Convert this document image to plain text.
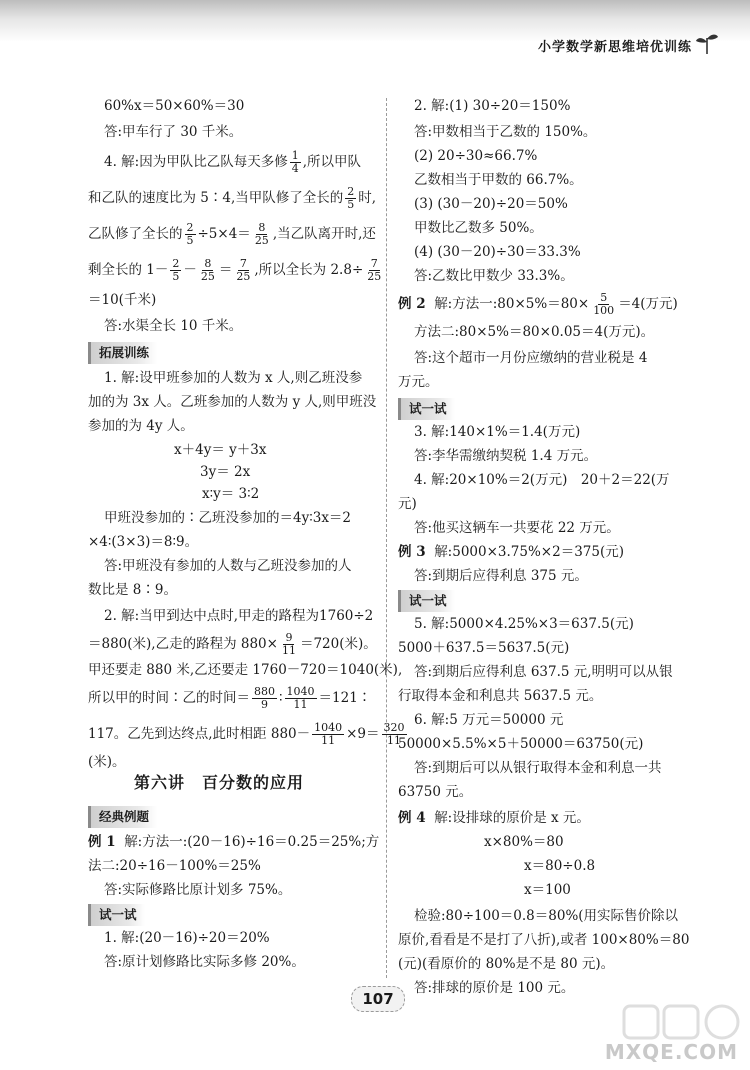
小学数学新思维培优训练
60%x＝50×60%＝30
答:甲车行了 30 千米。
4. 解:因为甲队比乙队每天多修 $\frac{1}{4}$ ,所以甲队
和乙队的速度比为 5∶4,当甲队修了全长的 $\frac{2}{5}$ 时,
乙队修了全长的 $\frac{2}{5} \div 5\times 4= \frac{8}{25}$ ,当乙队离开时,还
剩全长的 $1- \frac{2}{5} - \frac{8}{25} = \frac{7}{25}$ ,所以全长为 $2.8\div \frac{7}{25}$
＝10(千米)
答:水渠全长 10 千米。
拓展训练
1. 解:设甲班参加的人数为 x 人,则乙班没参
加的为 3x 人。乙班参加的人数为 y 人,则甲班没
参加的为 4y 人。
x＋4y＝ y＋3x
3y＝ 2x
x∶y＝ 3∶2
甲班没参加的∶乙班没参加的＝4y∶3x＝2
×4∶(3×3)＝8∶9。
答:甲班没有参加的人数与乙班没参加的人
数比是 8∶9。
2. 解:当甲到达中点时,甲走的路程为1760÷2
＝880(米),乙走的路程为 $880\times \frac{9}{11} =720$(米)。
甲还要走 880 米,乙还要走 1760－720＝1040(米),
所以甲的时间∶乙的时间＝ $\frac{880}{9}$ ∶ $\frac{1040}{11}$ ＝121∶
117。乙先到达终点,此时相距 $880- \frac{1040}{11} \times 9= \frac{320}{11}$
(米)。
第六讲　百分数的应用
经典例题
例 1 解:方法一:(20－16)÷16＝0.25＝25%;方
法二:20÷16－100%＝25%
答:实际修路比原计划多 75%。
试一试
1. 解:(20－16)÷20＝20%
答:原计划修路比实际多修 20%。
2. 解:(1) 30÷20＝150%
答:甲数相当于乙数的 150%。
(2) 20÷30≈66.7%
乙数相当于甲数的 66.7%。
(3) (30－20)÷20＝50%
甲数比乙数多 50%。
(4) (30－20)÷30＝33.3%
答:乙数比甲数少 33.3%。
例 2 解:方法一:80×5%＝80× $\frac{5}{100} =4$(万元)
方法二:80×5%＝80×0.05＝4(万元)。
答:这个超市一月份应缴纳的营业税是 4
万元。
试一试
3. 解:140×1%＝1.4(万元)
答:李华需缴纳契税 1.4 万元。
4. 解:20×10%＝2(万元)　20＋2＝22(万
元)
答:他买这辆车一共要花 22 万元。
例 3 解:5000×3.75%×2＝375(元)
答:到期后应得利息 375 元。
试一试
5. 解:5000×4.25%×3＝637.5(元)
5000＋637.5＝5637.5(元)
答:到期后应得利息 637.5 元,明明可以从银
行取得本金和利息共 5637.5 元。
6. 解:5 万元＝50000 元
50000×5.5%×5＋50000＝63750(元)
答:到期后可以从银行取得本金和利息一共
63750 元。
例 4 解:设排球的原价是 x 元。
x×80%＝80
x＝80÷0.8
x＝100
检验:80÷100＝0.8＝80%(用实际售价除以
原价,看看是不是打了八折),或者 100×80%＝80
(元)(看原价的 80%是不是 80 元)。
答:排球的原价是 100 元。
107
MXQE.COM
